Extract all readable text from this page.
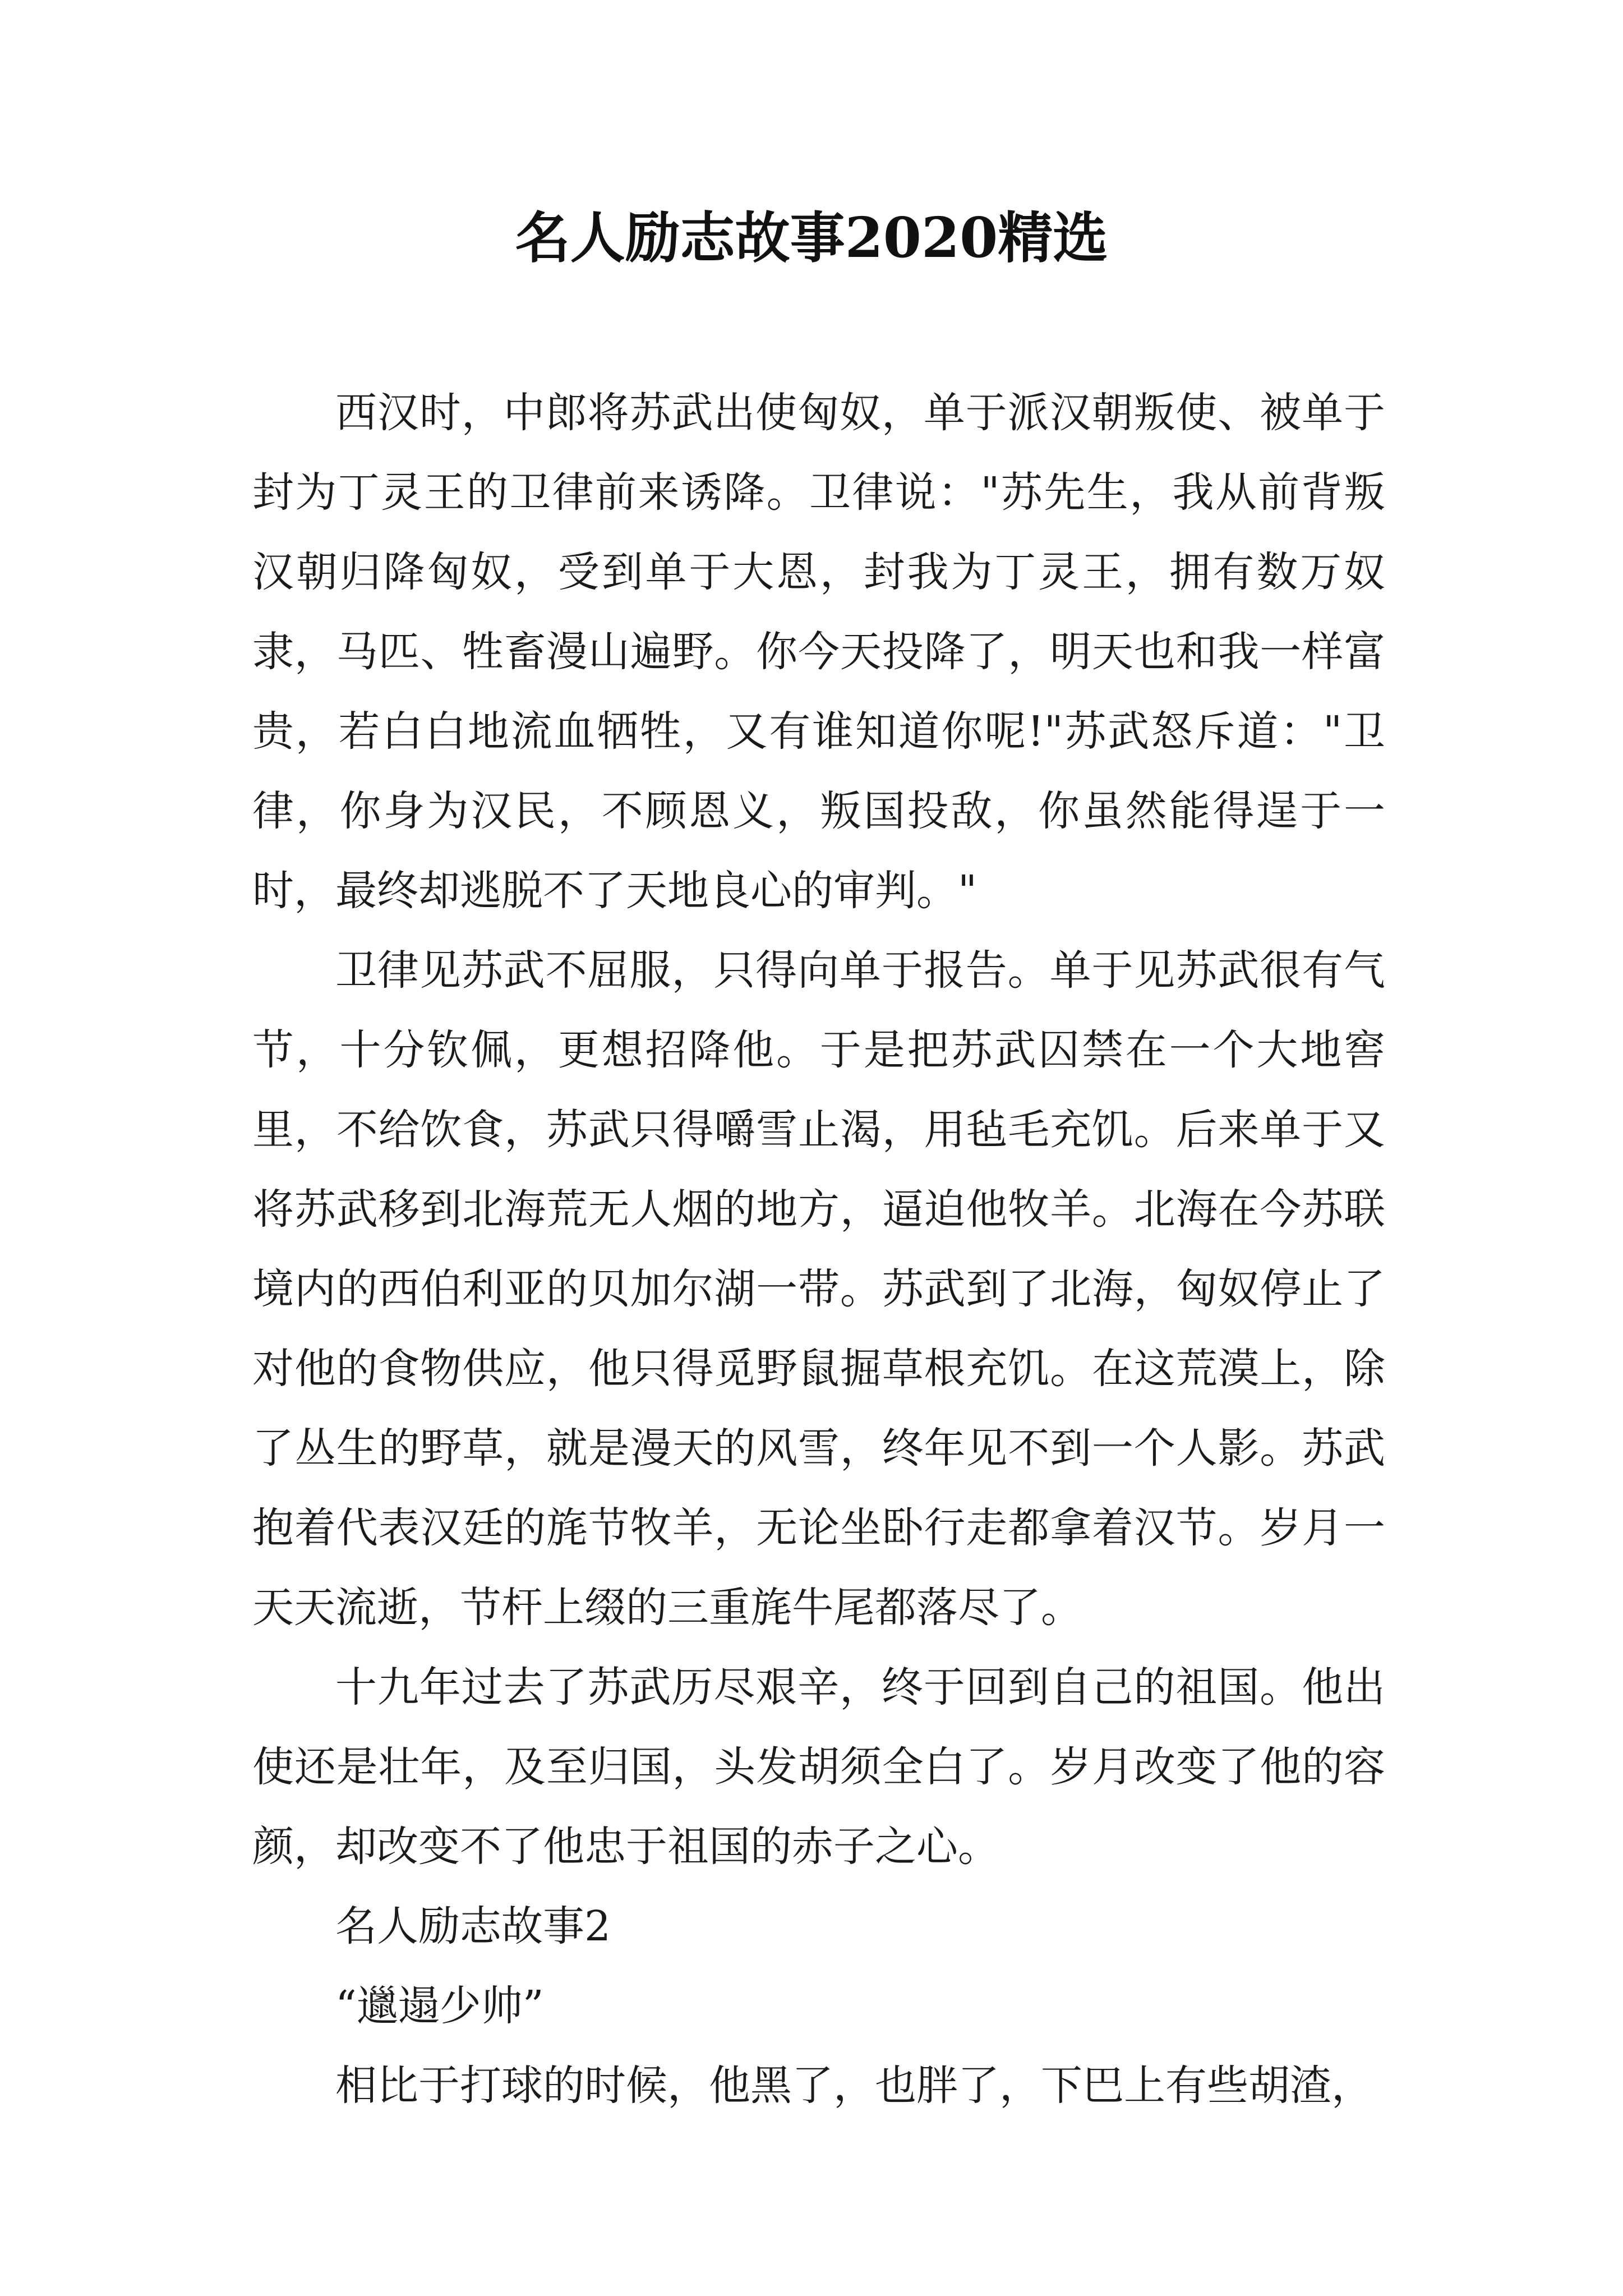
名人励志故事2020精选

西汉时，中郎将苏武出使匈奴，单于派汉朝叛使、被单于封为丁灵王的卫律前来诱降。卫律说："苏先生，我从前背叛汉朝归降匈奴，受到单于大恩，封我为丁灵王，拥有数万奴隶，马匹、牲畜漫山遍野。你今天投降了，明天也和我一样富贵，若白白地流血牺牲，又有谁知道你呢!"苏武怒斥道："卫律，你身为汉民，不顾恩义，叛国投敌，你虽然能得逞于一时，最终却逃脱不了天地良心的审判。"

卫律见苏武不屈服，只得向单于报告。单于见苏武很有气节，十分钦佩，更想招降他。于是把苏武囚禁在一个大地窖里，不给饮食，苏武只得嚼雪止渴，用毡毛充饥。后来单于又将苏武移到北海荒无人烟的地方，逼迫他牧羊。北海在今苏联境内的西伯利亚的贝加尔湖一带。苏武到了北海，匈奴停止了对他的食物供应，他只得觅野鼠掘草根充饥。在这荒漠上，除了丛生的野草，就是漫天的风雪，终年见不到一个人影。苏武抱着代表汉廷的旄节牧羊，无论坐卧行走都拿着汉节。岁月一天天流逝，节杆上缀的三重旄牛尾都落尽了。

十九年过去了苏武历尽艰辛，终于回到自己的祖国。他出使还是壮年，及至归国，头发胡须全白了。岁月改变了他的容颜，却改变不了他忠于祖国的赤子之心。

名人励志故事2

“邋遢少帅”

相比于打球的时候，他黑了，也胖了，下巴上有些胡渣，
